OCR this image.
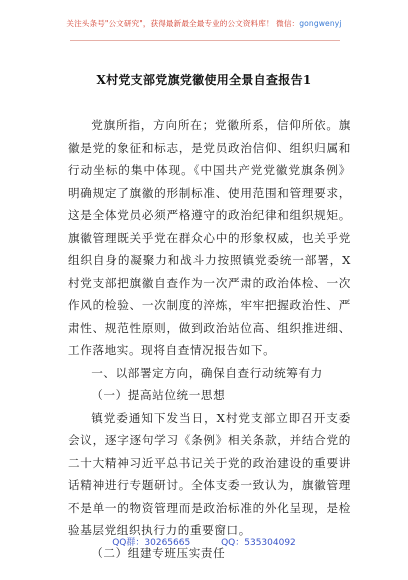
关注头条号"公文研究"，获得最新最全最专业的公文资料库！ 微信：gongwenyj
X村党支部党旗党徽使用全景自查报告1

党旗所指，方向所在；党徽所系，信仰所依。旗徽是党的象征和标志，是党员政治信仰、组织归属和行动坐标的集中体现。《中国共产党党徽党旗条例》明确规定了旗徽的形制标准、使用范围和管理要求，这是全体党员必须严格遵守的政治纪律和组织规矩。旗徽管理既关乎党在群众心中的形象权威，也关乎党组织自身的凝聚力和战斗力按照镇党委统一部署，X村党支部把旗徽自查作为一次严肃的政治体检、一次作风的检验、一次制度的淬炼，牢牢把握政治性、严肃性、规范性原则，做到政治站位高、组织推进细、工作落地实。现将自查情况报告如下。

一、以部署定方向，确保自查行动统筹有力

（一）提高站位统一思想

镇党委通知下发当日，X村党支部立即召开支委会议，逐字逐句学习《条例》相关条款，并结合党的二十大精神习近平总书记关于党的政治建设的重要讲话精神进行专题研讨。全体支委一致认为，旗徽管理不是单一的物资管理而是政治标准的外化呈现，是检验基层党组织执行力的重要窗口。

（二）组建专班压实责任

QQ群：30265665	QQ：535304092
